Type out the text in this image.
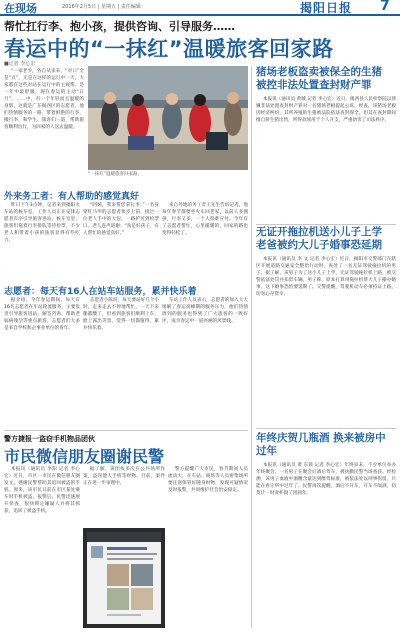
在现场	2016年2月5日 | 星期五 | 责任编辑：	揭阳日报 7
帮忙扛行李、抱小孩，提供咨询、引导服务……
春运中的“一抹红”温暖旅客回家路
■记者 李心宏
“一家老少，各自从来来，“对口”全是“点”，无是在这样的运行中一天，大家都有这些对站在运行中的主观帮，是一年中最舒服，现在春运的主动“日月”，……中，有一个年轻而且温暖的身影，这就是广东揭西区的志愿者。他们热情服务的一路，带着鲜艳的行李、搬行李，和学生、旅客们一道，帮助旅客顺利出行，为回家的人送去温暖。
“一抹红”温暖旅客回家路。
外来务工者：有人帮助的感觉真好
昨日下午3点钟，记者来到揭阳火车站的候车室，工作人员正在安排志愿者有序引导旅客进站。候车室里，旅客们拖着行李排队等待检票，不少老人和带着小孩的旅客显得有些吃力。
“阿姨，我来帮您拿行李。”一名身穿红马甲的志愿者快步上前，接过一位老人手中的大包，一路护送到检票口。老人连声道谢：“真是好孩子，有人帮忙的感觉真好。”
来自外地的务工者王先生告诉记者，他每年春节都要坐火车回老家，以前人多拥挤，行李又多，一个人很难应付。今年有了志愿者帮忙，心里暖暖的，回家的路也变得轻松了。
志愿者：每天有16人在站车站服务，累并快乐着
据介绍，今年春运期间，每天有16名志愿者在车站轮流服务，主要负责引导旅客进站、解答咨询、帮助老弱病残孕等重点旅客。志愿者们大多是来自学校和企事业单位的青年。
志愿者小陈说，每天要站好几个小时，走来走去不停地帮忙，一天下来腿都酸了，但看到旅客们顺利上车，脸上露出笑容，觉得一切都值得，累并快乐着。
车站工作人员表示，志愿者的加入大大缓解了春运高峰期的服务压力，他们热情周到的服务也得到了广大旅客的一致好评，成为春运中一道亮丽的风景线。
警方捷报一盗窃手机物品团伙
市民微信朋友圈谢民警
本报讯（通讯员 李阳 记者 李心宏）近日，市区一市民在微信朋友圈发文，感谢民警帮助其追回被盗的手机。原来，该市民日前在市区某处乘车时手机被盗，报警后，民警迅速展开侦查，很快锁定嫌疑人并将其抓获，追回了被盗手机。
据了解，该团伙多次在公共场所作案，盗窃他人手机等财物。目前，案件正在进一步审理中。
警方提醒广大市民，春节期间人员流动大，在车站、商场等人员密集场所要注意保管好随身财物，发现可疑情况及时报警，共同维护社会治安稳定。
猪场老板盗卖被保全的生猪 被控非法处置查封财产罪
本报讯（通讯员 黄城 记者 李心宏）近日，揭西县人民检察院以涉嫌非法处置查封财产罪对一名猪场老板提起公诉。经查，该猪场老板因经济纠纷，其所养殖的生猪被法院依法查封保全，但其在查封期间擅自将生猪出售，所得款项用于个人开支，严重妨害了司法秩序。
无证开拖拉机送小儿子上学 老爸被约大儿子婚事恐延期
本报讯（通讯员 李 文 记者 李心宏）近日，揭阳市交警部门在辖区开展道路交通安全整治行动时，查处了一名无证驾驶拖拉机的男子。据了解，该男子为了送小儿子上学，无证驾驶拖拉机上路，被交警依法处罚并扣留车辆。男子称，原本打算用拖拉机帮大儿子操办婚事，这下婚事恐怕要延期了。交警提醒，驾驶机动车必须持证上路，切勿心存侥幸。
年终庆贺几瓶酒 换来被房中过年
本报讯（通讯员 黄 东晨 记者 李心宏）年终岁末，不少单位举办年终聚会，一名男子在聚会后酒后驾车，被执勤民警当场查获。经检测，该男子血液中酒精含量达到醉驾标准，被依法处以刑事拘留，只能在看守所中过年了。民警再次提醒，酒后不开车，开车不喝酒，切莫让一时贪杯毁了团圆年。
